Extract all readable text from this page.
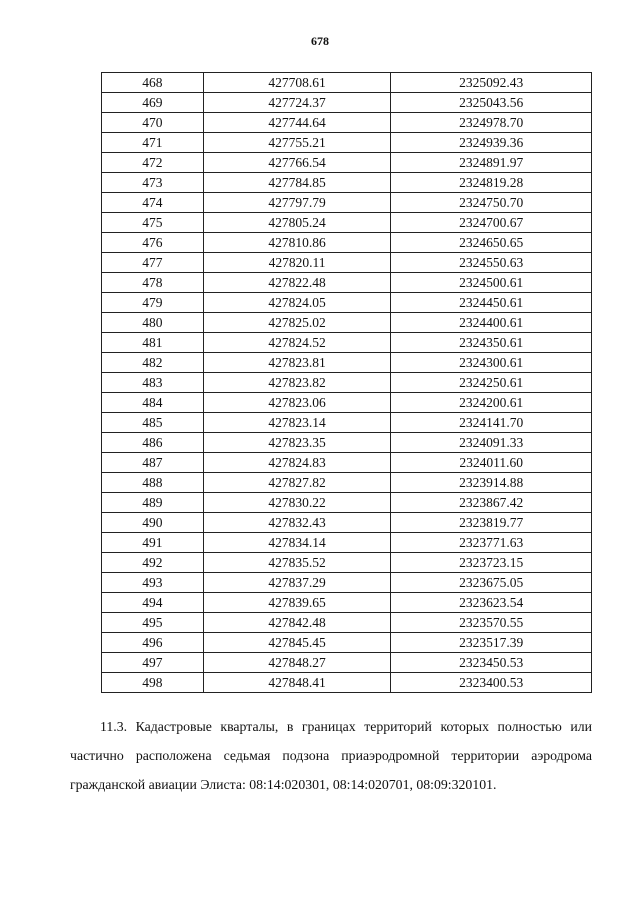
678
468	427708.61	2325092.43
469	427724.37	2325043.56
470	427744.64	2324978.70
471	427755.21	2324939.36
472	427766.54	2324891.97
473	427784.85	2324819.28
474	427797.79	2324750.70
475	427805.24	2324700.67
476	427810.86	2324650.65
477	427820.11	2324550.63
478	427822.48	2324500.61
479	427824.05	2324450.61
480	427825.02	2324400.61
481	427824.52	2324350.61
482	427823.81	2324300.61
483	427823.82	2324250.61
484	427823.06	2324200.61
485	427823.14	2324141.70
486	427823.35	2324091.33
487	427824.83	2324011.60
488	427827.82	2323914.88
489	427830.22	2323867.42
490	427832.43	2323819.77
491	427834.14	2323771.63
492	427835.52	2323723.15
493	427837.29	2323675.05
494	427839.65	2323623.54
495	427842.48	2323570.55
496	427845.45	2323517.39
497	427848.27	2323450.53
498	427848.41	2323400.53
11.3. Кадастровые кварталы, в границах территорий которых полностью или частично расположена седьмая подзона приаэродромной территории аэродрома гражданской авиации Элиста: 08:14:020301, 08:14:020701, 08:09:320101.
